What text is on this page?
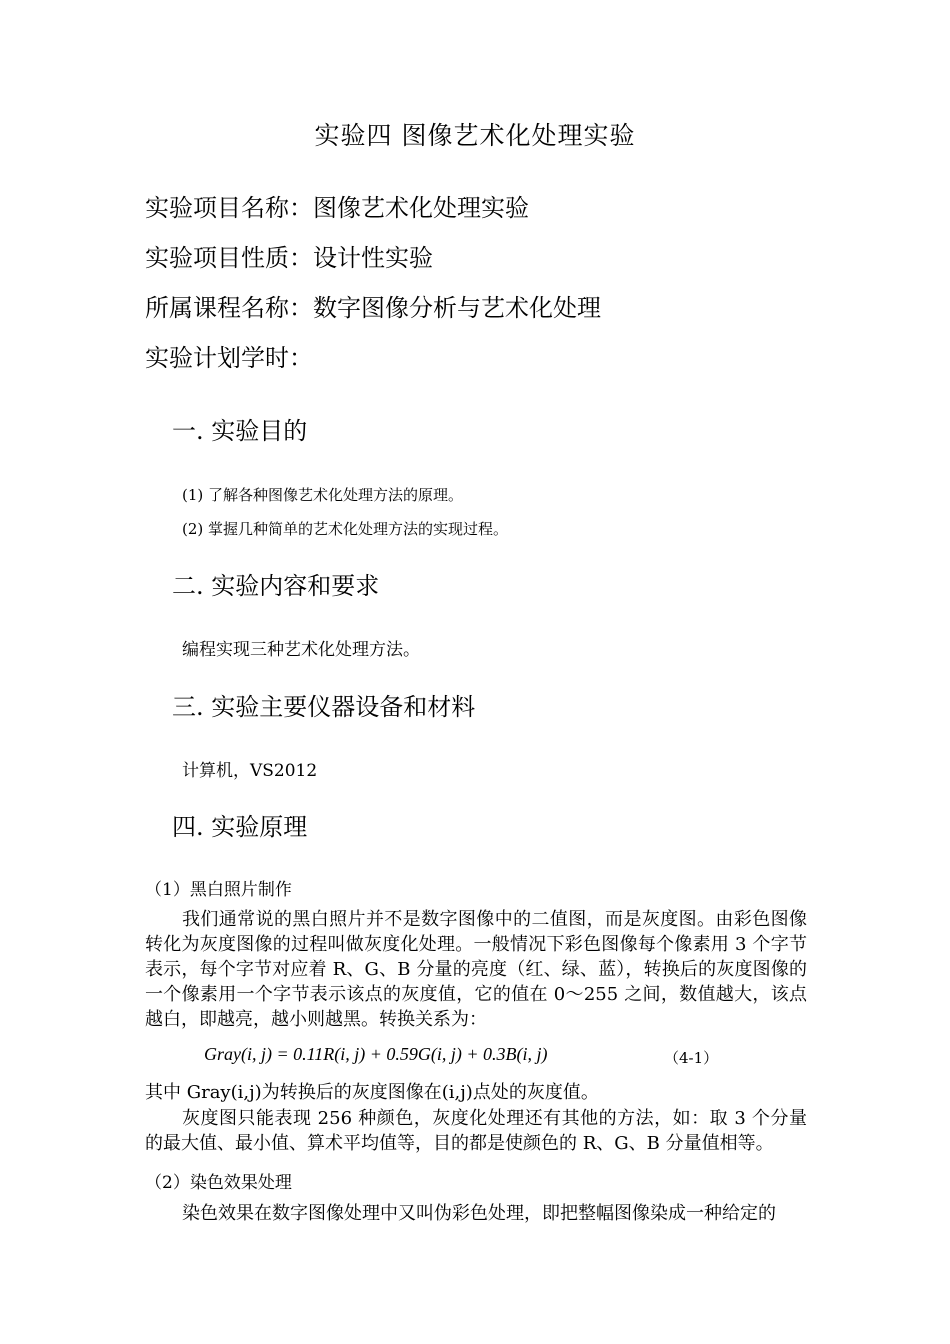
实验四 图像艺术化处理实验
实验项目名称：图像艺术化处理实验
实验项目性质：设计性实验
所属课程名称：数字图像分析与艺术化处理
实验计划学时：
一. 实验目的
(1) 了解各种图像艺术化处理方法的原理。
(2) 掌握几种简单的艺术化处理方法的实现过程。
二. 实验内容和要求
编程实现三种艺术化处理方法。
三. 实验主要仪器设备和材料
计算机，VS2012
四. 实验原理
（1）黑白照片制作
我们通常说的黑白照片并不是数字图像中的二值图，而是灰度图。由彩色图像转化为灰度图像的过程叫做灰度化处理。一般情况下彩色图像每个像素用 3 个字节表示，每个字节对应着 R、G、B 分量的亮度（红、绿、蓝），转换后的灰度图像的一个像素用一个字节表示该点的灰度值，它的值在 0～255 之间，数值越大，该点越白，即越亮，越小则越黑。转换关系为：
Gray(i, j) = 0.11R(i, j) + 0.59G(i, j) + 0.3B(i, j)	（4-1）
其中 Gray(i,j)为转换后的灰度图像在(i,j)点处的灰度值。
灰度图只能表现 256 种颜色，灰度化处理还有其他的方法，如：取 3 个分量的最大值、最小值、算术平均值等，目的都是使颜色的 R、G、B 分量值相等。
（2）染色效果处理
染色效果在数字图像处理中又叫伪彩色处理，即把整幅图像染成一种给定的
